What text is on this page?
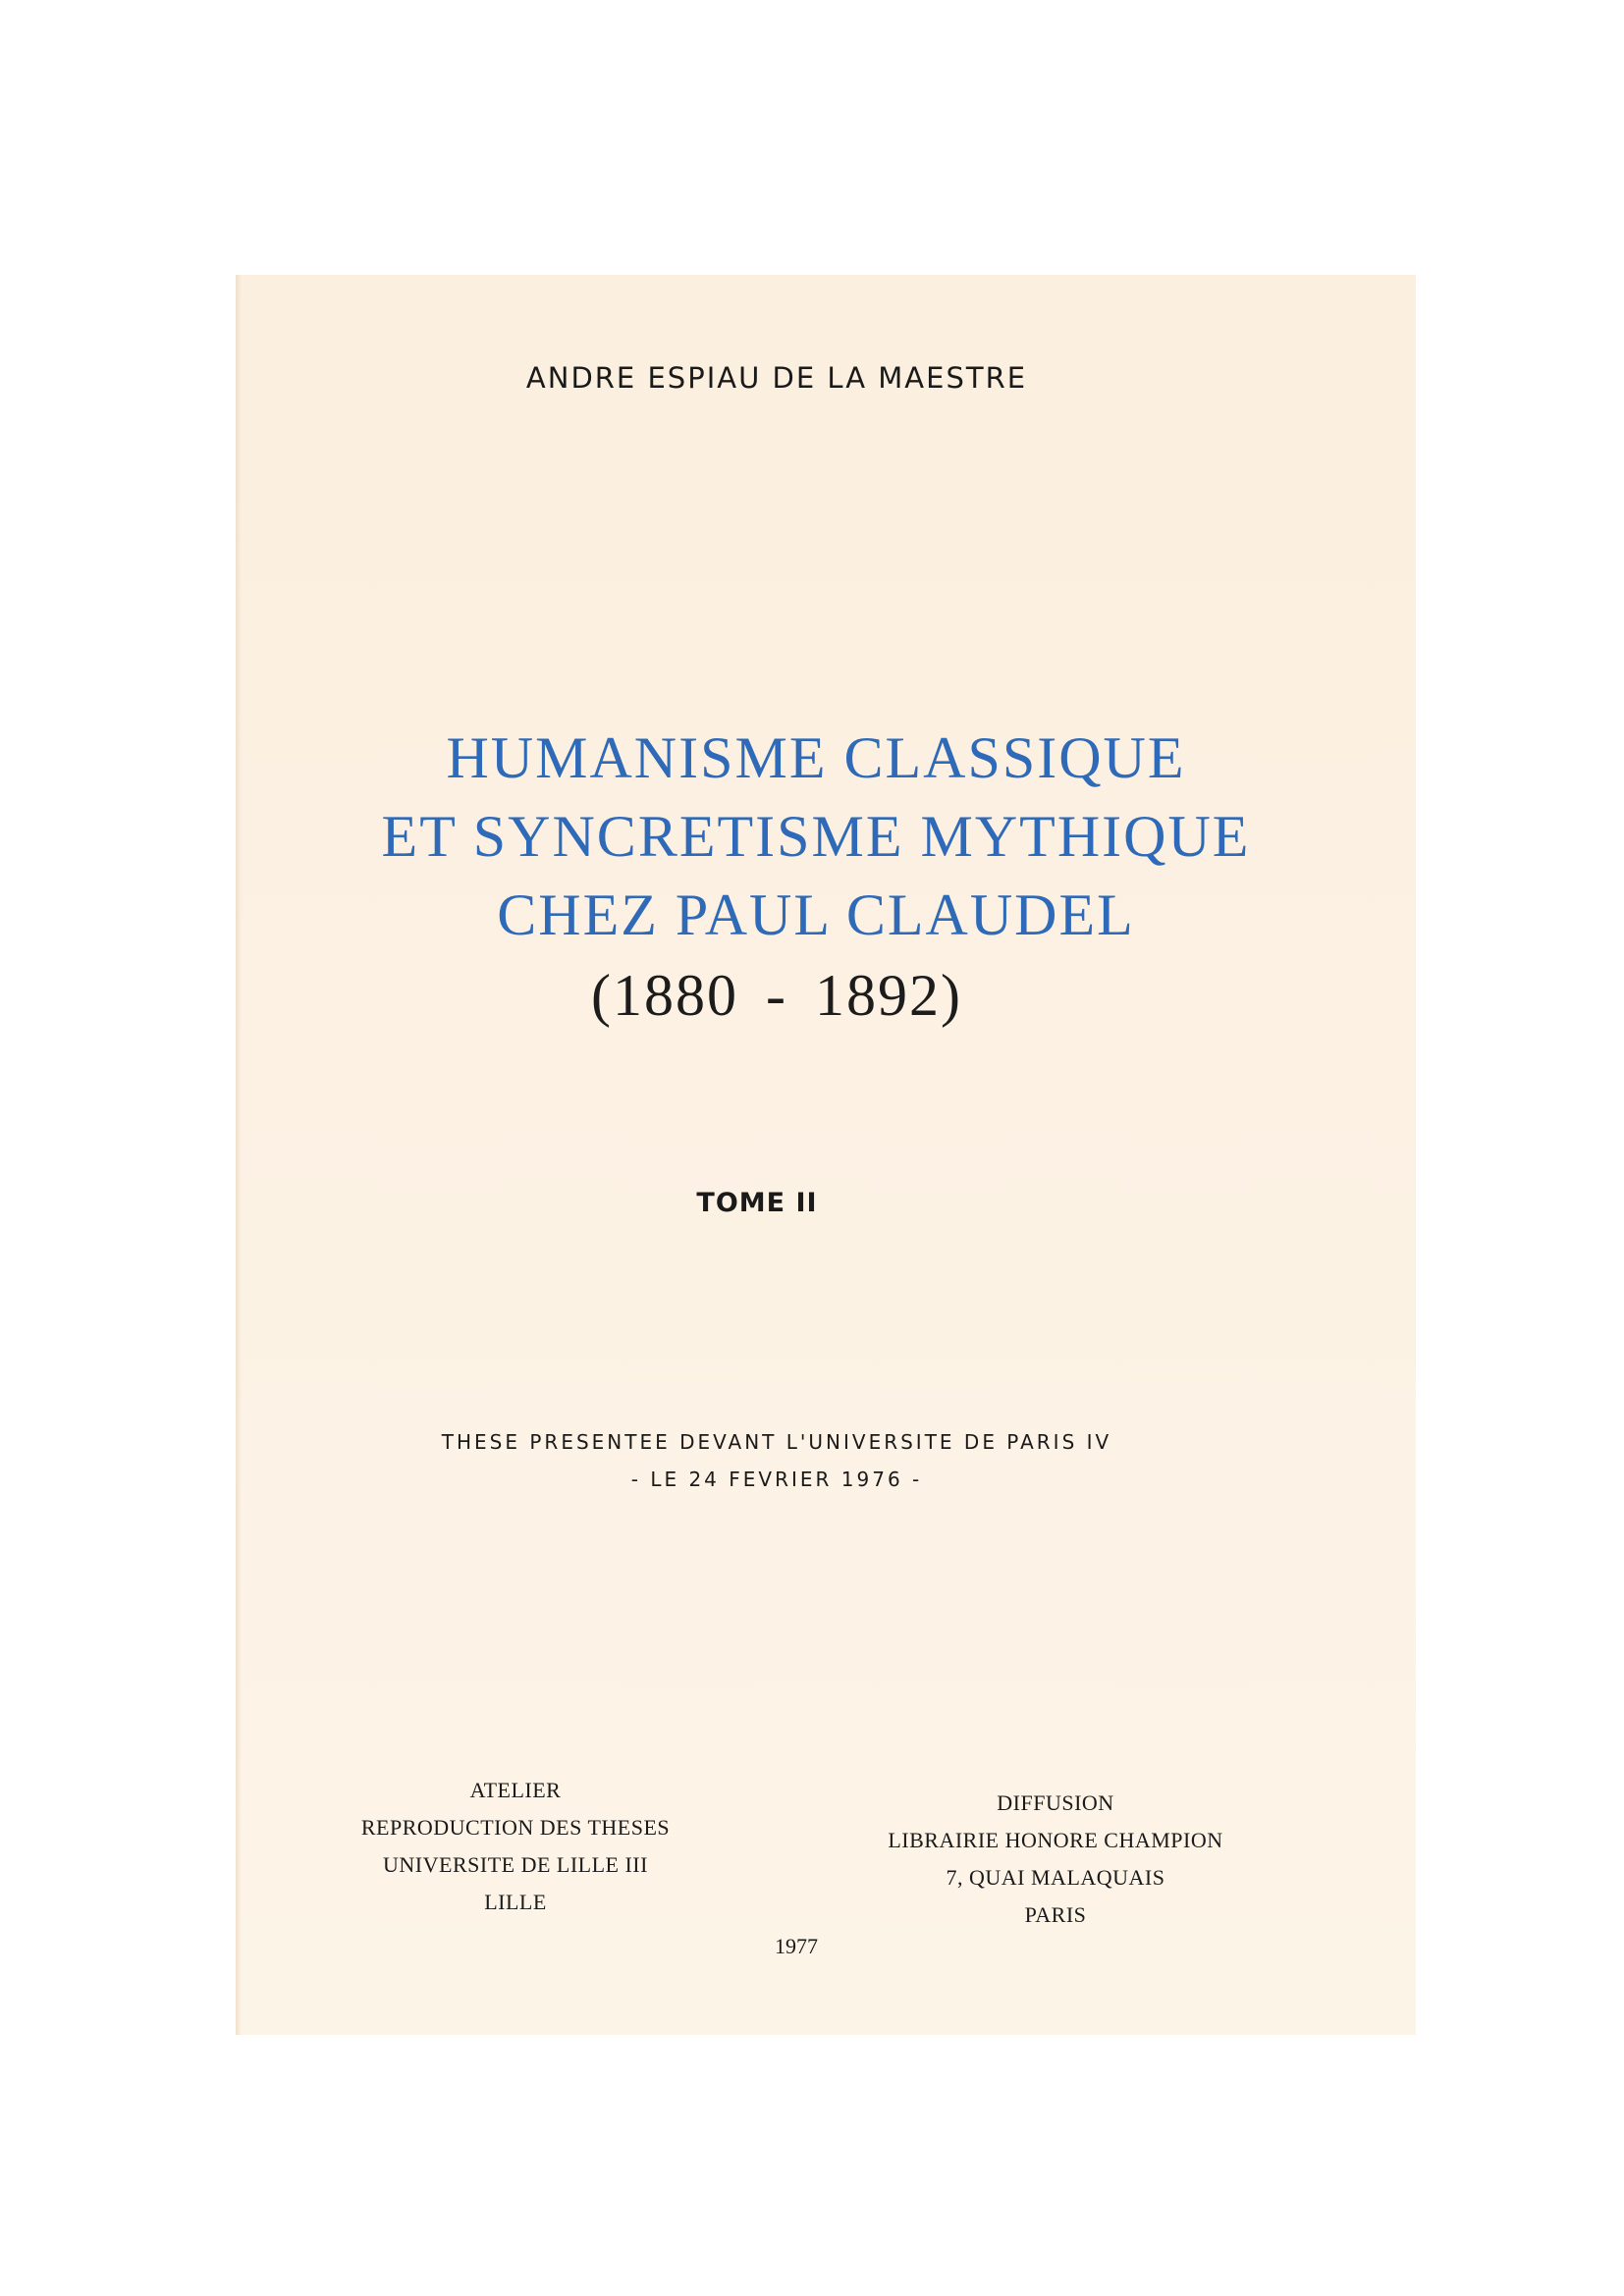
ANDRE ESPIAU DE LA MAESTRE
HUMANISME CLASSIQUE
ET SYNCRETISME MYTHIQUE
CHEZ PAUL CLAUDEL
(1880 - 1892)
TOME II
THESE PRESENTEE DEVANT L'UNIVERSITE DE PARIS IV
- LE 24 FEVRIER 1976 -
ATELIER
REPRODUCTION DES THESES
UNIVERSITE DE LILLE III
LILLE
DIFFUSION
LIBRAIRIE HONORE CHAMPION
7, QUAI MALAQUAIS
PARIS
1977
